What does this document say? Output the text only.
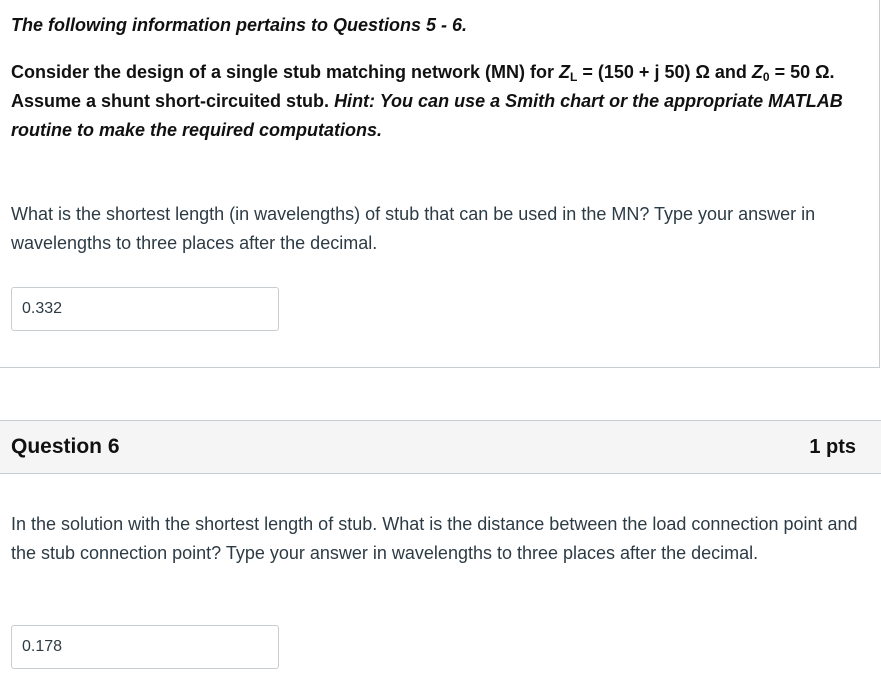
The following information pertains to Questions 5 - 6.
Consider the design of a single stub matching network (MN) for $Z_L = (150 + j$ 50) Ω and $Z_0 = 50$ Ω.
Assume a shunt short-circuited stub. Hint: You can use a Smith chart or the appropriate MATLAB routine to make the required computations.
What is the shortest length (in wavelengths) of stub that can be used in the MN? Type your answer in wavelengths to three places after the decimal.
0.332
Question 6	1 pts
In the solution with the shortest length of stub. What is the distance between the load connection point and the stub connection point? Type your answer in wavelengths to three places after the decimal.
0.178
